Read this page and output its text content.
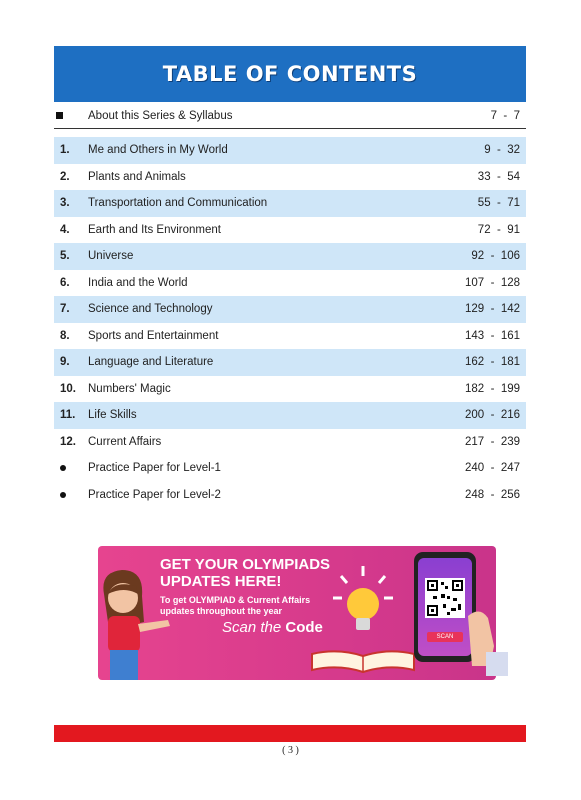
TABLE OF CONTENTS
About this Series & Syllabus	7  -  7
1.	Me and Others in My World	9  -  32
2.	Plants and Animals	33  -  54
3.	Transportation and Communication	55  -  71
4.	Earth and Its Environment	72  -  91
5.	Universe	92  -  106
6.	India and the World	107  -  128
7.	Science and Technology	129  -  142
8.	Sports and Entertainment	143  -  161
9.	Language and Literature	162  -  181
10.	Numbers' Magic	182  -  199
11.	Life Skills	200  -  216
12.	Current Affairs	217  -  239
Practice Paper for Level-1	240  -  247
Practice Paper for Level-2	248  -  256
GET YOUR OLYMPIADS
UPDATES HERE!
To get OLYMPIAD & Current Affairs
updates throughout the year
Scan the Code
SCAN
( 3 )
